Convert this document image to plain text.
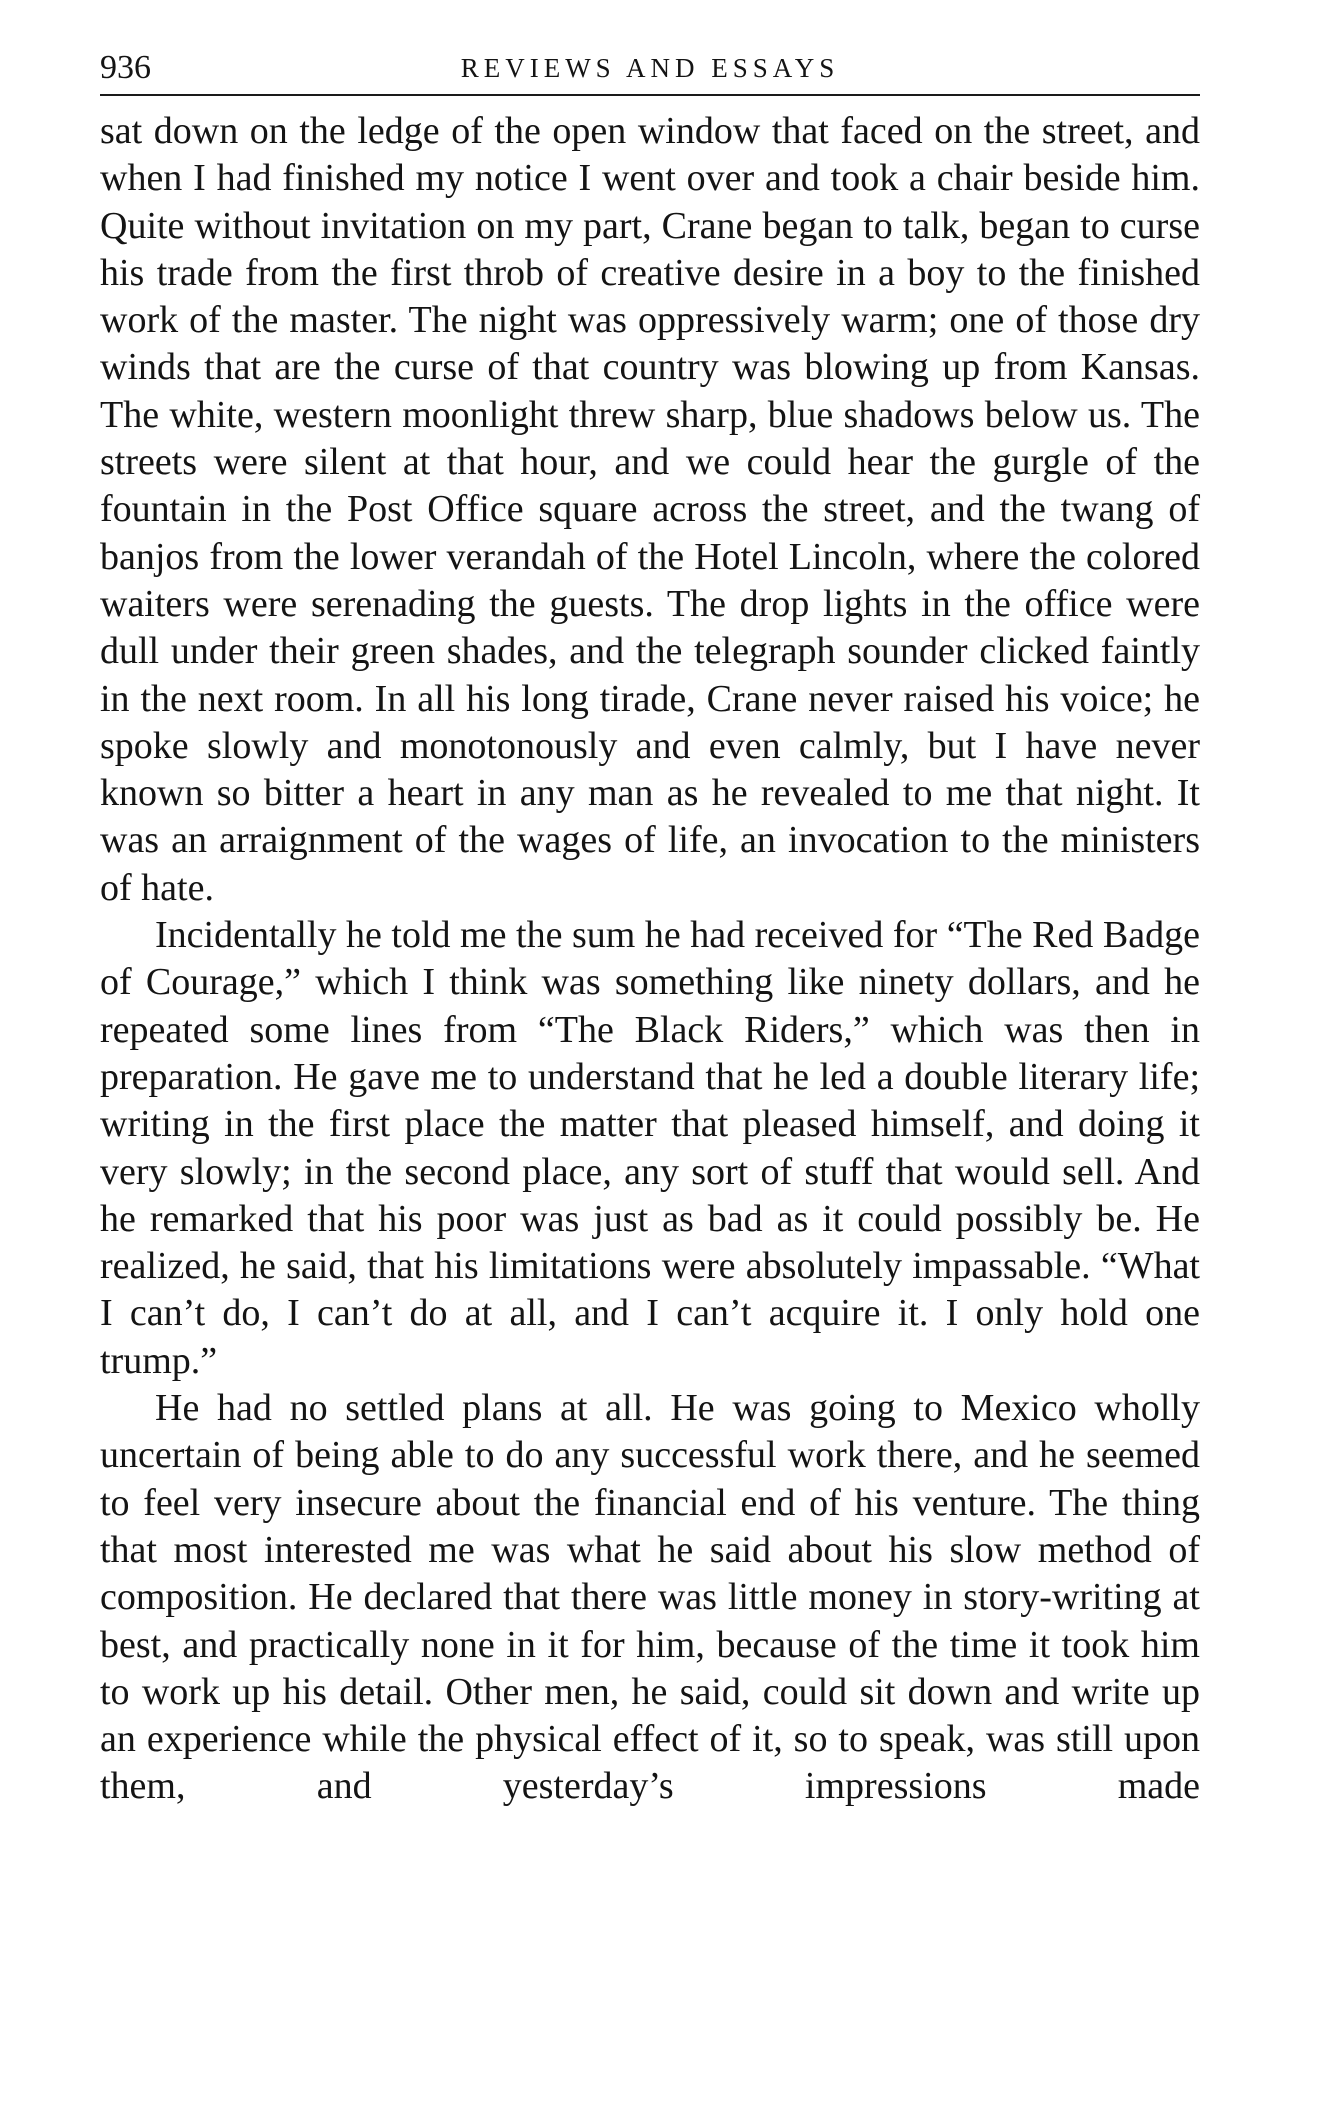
936	REVIEWS AND ESSAYS

sat down on the ledge of the open window that faced on the street, and when I had finished my notice I went over and took a chair beside him. Quite without invitation on my part, Crane began to talk, began to curse his trade from the first throb of creative desire in a boy to the finished work of the master. The night was oppressively warm; one of those dry winds that are the curse of that country was blowing up from Kansas. The white, western moonlight threw sharp, blue shadows below us. The streets were silent at that hour, and we could hear the gurgle of the fountain in the Post Office square across the street, and the twang of banjos from the lower verandah of the Hotel Lincoln, where the colored waiters were serenading the guests. The drop lights in the office were dull under their green shades, and the telegraph sounder clicked faintly in the next room. In all his long tirade, Crane never raised his voice; he spoke slowly and monotonously and even calmly, but I have never known so bitter a heart in any man as he revealed to me that night. It was an arraignment of the wages of life, an invocation to the ministers of hate.

Incidentally he told me the sum he had received for “The Red Badge of Courage,” which I think was something like ninety dollars, and he repeated some lines from “The Black Riders,” which was then in preparation. He gave me to understand that he led a double literary life; writing in the first place the matter that pleased himself, and doing it very slowly; in the second place, any sort of stuff that would sell. And he remarked that his poor was just as bad as it could possibly be. He realized, he said, that his limitations were absolutely impassable. “What I can’t do, I can’t do at all, and I can’t acquire it. I only hold one trump.”

He had no settled plans at all. He was going to Mexico wholly uncertain of being able to do any successful work there, and he seemed to feel very insecure about the financial end of his venture. The thing that most interested me was what he said about his slow method of composition. He declared that there was little money in story-writing at best, and practically none in it for him, because of the time it took him to work up his detail. Other men, he said, could sit down and write up an experience while the physical effect of it, so to speak, was still upon them, and yesterday’s impressions made
